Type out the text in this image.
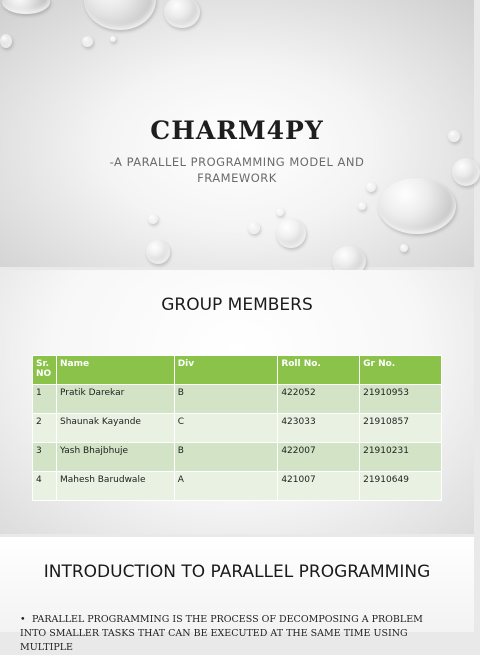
CHARM4PY
-A PARALLEL PROGRAMMING MODEL AND FRAMEWORK
GROUP MEMBERS
Sr. NO	Name	Div	Roll No.	Gr No.
1	Pratik Darekar	B	422052	21910953
2	Shaunak Kayande	C	423033	21910857
3	Yash Bhajbhuje	B	422007	21910231
4	Mahesh Barudwale	A	421007	21910649
INTRODUCTION TO PARALLEL PROGRAMMING
• PARALLEL PROGRAMMING IS THE PROCESS OF DECOMPOSING A PROBLEM INTO SMALLER TASKS THAT CAN BE EXECUTED AT THE SAME TIME USING MULTIPLE
